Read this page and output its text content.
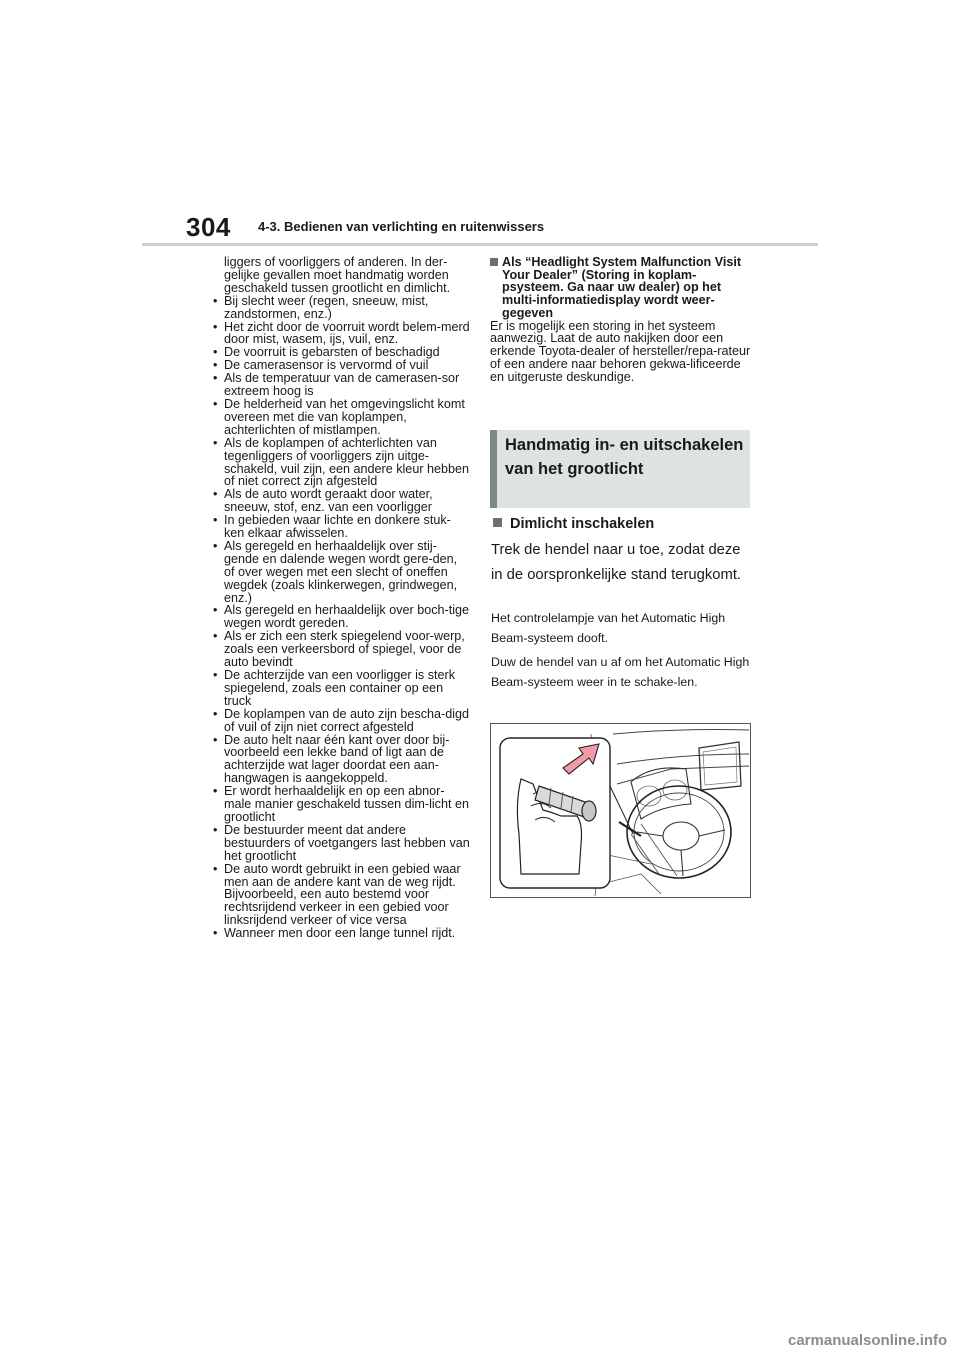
304 4-3. Bedienen van verlichting en ruitenwissers

liggers of voorliggers of anderen. In der-gelijke gevallen moet handmatig worden geschakeld tussen grootlicht en dimlicht.

• Bij slecht weer (regen, sneeuw, mist, zandstormen, enz.)
• Het zicht door de voorruit wordt belem-merd door mist, wasem, ijs, vuil, enz.
• De voorruit is gebarsten of beschadigd
• De camerasensor is vervormd of vuil
• Als de temperatuur van de camerasen-sor extreem hoog is
• De helderheid van het omgevingslicht komt overeen met die van koplampen, achterlichten of mistlampen.
• Als de koplampen of achterlichten van tegenliggers of voorliggers zijn uitge-schakeld, vuil zijn, een andere kleur hebben of niet correct zijn afgesteld
• Als de auto wordt geraakt door water, sneeuw, stof, enz. van een voorligger
• In gebieden waar lichte en donkere stuk-ken elkaar afwisselen.
• Als geregeld en herhaaldelijk over stij-gende en dalende wegen wordt gere-den, of over wegen met een slecht of oneffen wegdek (zoals klinkerwegen, grindwegen, enz.)
• Als geregeld en herhaaldelijk over boch-tige wegen wordt gereden.
• Als er zich een sterk spiegelend voor-werp, zoals een verkeersbord of spiegel, voor de auto bevindt
• De achterzijde van een voorligger is sterk spiegelend, zoals een container op een truck
• De koplampen van de auto zijn bescha-digd of vuil of zijn niet correct afgesteld
• De auto helt naar één kant over door bij-voorbeeld een lekke band of ligt aan de achterzijde wat lager doordat een aan-hangwagen is aangekoppeld.
• Er wordt herhaaldelijk en op een abnor-male manier geschakeld tussen dim-licht en grootlicht
• De bestuurder meent dat andere bestuurders of voetgangers last hebben van het grootlicht
• De auto wordt gebruikt in een gebied waar men aan de andere kant van de weg rijdt. Bijvoorbeeld, een auto bestemd voor rechtsrijdend verkeer in een gebied voor linksrijdend verkeer of vice versa
• Wanneer men door een lange tunnel rijdt.

Als “Headlight System Malfunction Visit Your Dealer” (Storing in koplam-psysteem. Ga naar uw dealer) op het multi-informatiedisplay wordt weer-gegeven

Er is mogelijk een storing in het systeem aanwezig. Laat de auto nakijken door een erkende Toyota-dealer of hersteller/repa-rateur of een andere naar behoren gekwa-lificeerde en uitgeruste deskundige.

Handmatig in- en uitschakelen van het grootlicht

Dimlicht inschakelen

Trek de hendel naar u toe, zodat deze in de oorspronkelijke stand terugkomt.

Het controlelampje van het Automatic High Beam-systeem dooft.

Duw de hendel van u af om het Automatic High Beam-systeem weer in te schake-len.

carmanualsonline.info
